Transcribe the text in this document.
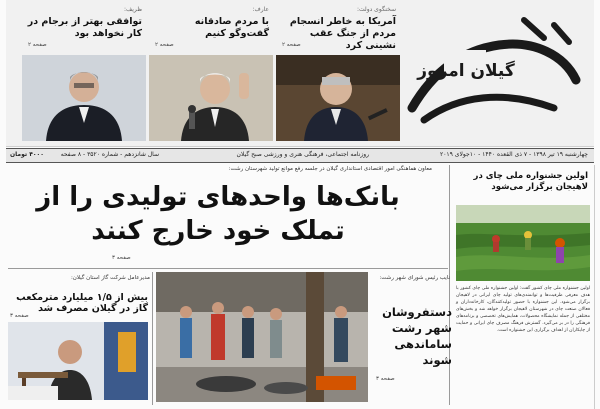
گیلان امروز
سخنگوی دولت:
آمریکا به خاطر انسجام مردم از جنگ عقب نشینی کرد
صفحه ۲
عارف:
با مردم صادقانه گفت‌وگو کنیم
صفحه ۲
ظریف:
توافقی بهتر از برجام در کار نخواهد بود
صفحه ۲
چهارشنبه ۱۹ تیر ۱۳۹۸ - ۷ ذی القعده ۱۴۴۰ - ۱۰جولای ۲۰۱۹
روزنامه اجتماعی، فرهنگی هنری و ورزشی صبح گیلان
سال شانزدهم - شماره ۳۵۲۰ - ۸ صفحه
۴۰۰۰ تومان
معاون هماهنگی امور اقتصادی استانداری گیلان در جلسه رفع موانع تولید شهرستان رشت:
بانک‌ها واحدهای تولیدی را از تملک خود خارج کنند
صفحه ۳
اولین جشنواره ملی چای در لاهیجان برگزار می‌شود
اولین جشنواره ملی چای کشور گفت: اولین جشنواره ملی چای کشور با هدف معرفی ظرفیت‌ها و توانمندی‌های تولید چای ایرانی در لاهیجان برگزار می‌شود. این جشنواره با حضور تولیدکنندگان، کارخانه‌داران و فعالان صنعت چای در شهرستان لاهیجان برگزار خواهد شد و بخش‌های مختلفی از جمله نمایشگاه محصولات، همایش‌های تخصصی و برنامه‌های فرهنگی را در بر می‌گیرد. گسترش فرهنگ مصرف چای ایرانی و حمایت از چایکاران از اهداف برگزاری این جشنواره است.
مدیرعامل شرکت گاز استان گیلان:
بیش از ۱/۵ میلیارد مترمکعب گاز در گیلان مصرف شد
صفحه ۳
نایب رئیس شورای شهر رشت:
دستفروشان شهر رشت ساماندهی شوند
صفحه ۳
